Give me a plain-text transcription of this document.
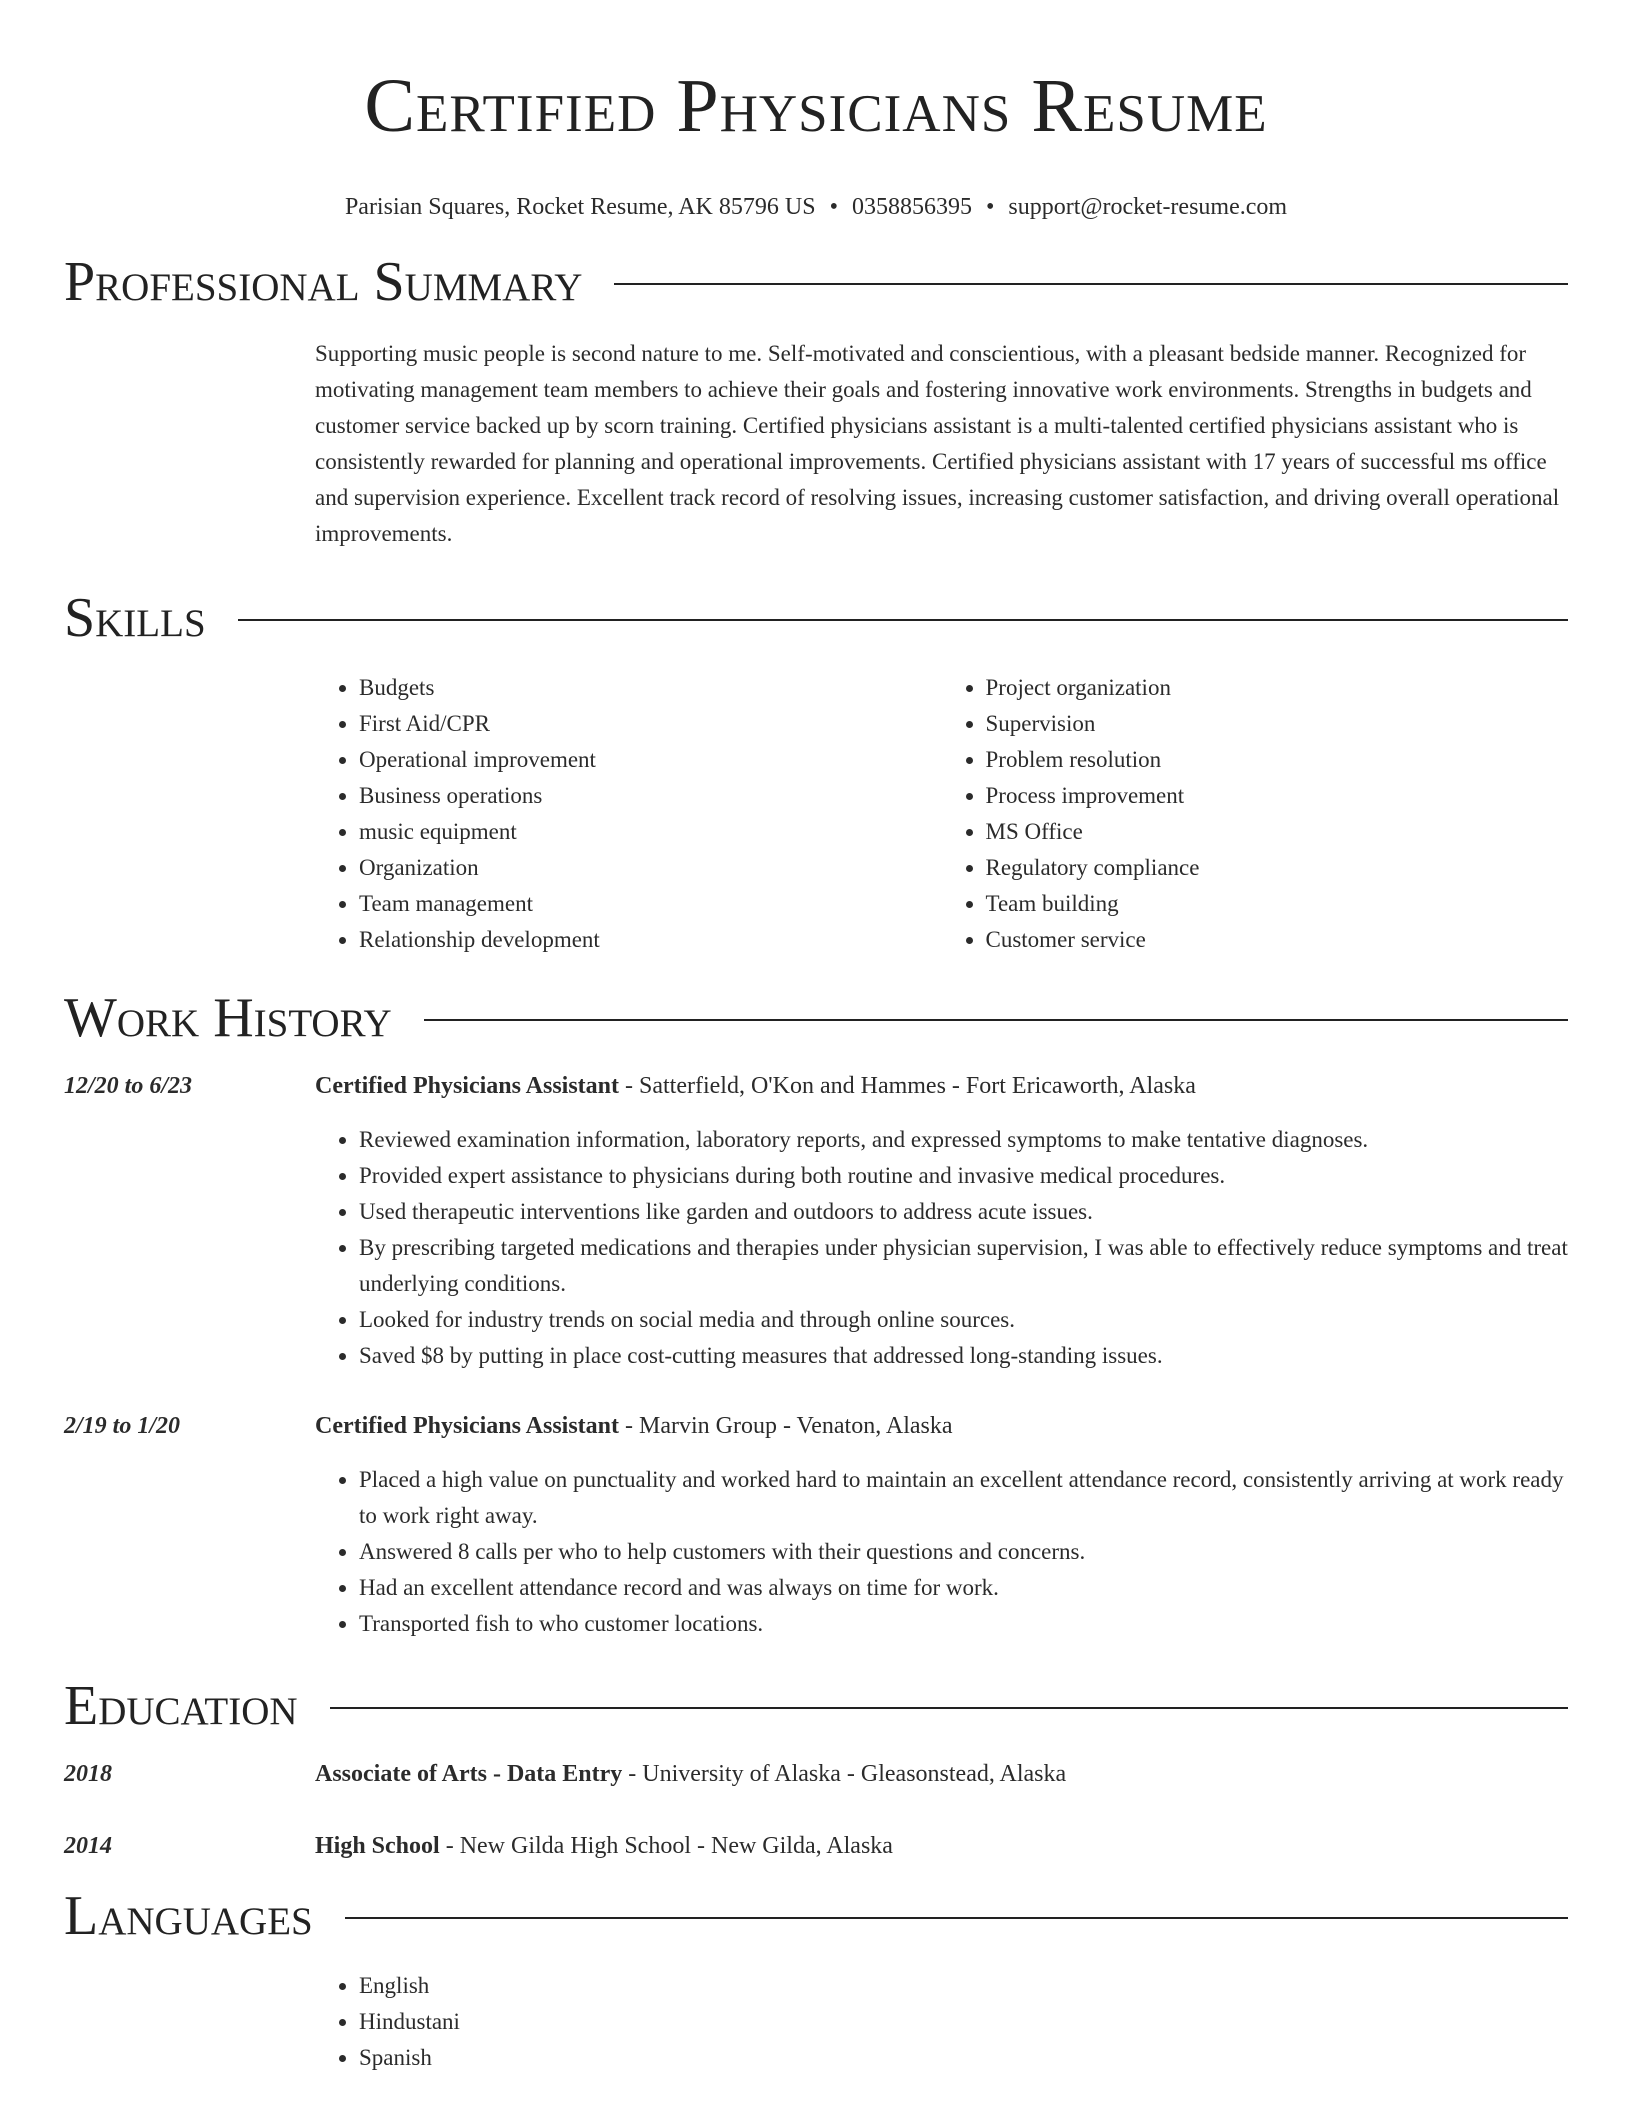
Certified Physicians Resume
Parisian Squares, Rocket Resume, AK 85796 US • 0358856395 • support@rocket-resume.com
Professional Summary

Supporting music people is second nature to me. Self-motivated and conscientious, with a pleasant bedside manner. Recognized for motivating management team members to achieve their goals and fostering innovative work environments. Strengths in budgets and customer service backed up by scorn training. Certified physicians assistant is a multi-talented certified physicians assistant who is consistently rewarded for planning and operational improvements. Certified physicians assistant with 17 years of successful ms office and supervision experience. Excellent track record of resolving issues, increasing customer satisfaction, and driving overall operational improvements.

Skills
• Budgets
• First Aid/CPR
• Operational improvement
• Business operations
• music equipment
• Organization
• Team management
• Relationship development
• Project organization
• Supervision
• Problem resolution
• Process improvement
• MS Office
• Regulatory compliance
• Team building
• Customer service
Work History
12/20 to 6/23	Certified Physicians Assistant - Satterfield, O'Kon and Hammes - Fort Ericaworth, Alaska
• Reviewed examination information, laboratory reports, and expressed symptoms to make tentative diagnoses.
• Provided expert assistance to physicians during both routine and invasive medical procedures.
• Used therapeutic interventions like garden and outdoors to address acute issues.
• By prescribing targeted medications and therapies under physician supervision, I was able to effectively reduce symptoms and treat underlying conditions.
• Looked for industry trends on social media and through online sources.
• Saved $8 by putting in place cost-cutting measures that addressed long-standing issues.
2/19 to 1/20	Certified Physicians Assistant - Marvin Group - Venaton, Alaska
• Placed a high value on punctuality and worked hard to maintain an excellent attendance record, consistently arriving at work ready to work right away.
• Answered 8 calls per who to help customers with their questions and concerns.
• Had an excellent attendance record and was always on time for work.
• Transported fish to who customer locations.
Education
2018	Associate of Arts - Data Entry - University of Alaska - Gleasonstead, Alaska
2014	High School - New Gilda High School - New Gilda, Alaska
Languages
• English
• Hindustani
• Spanish
